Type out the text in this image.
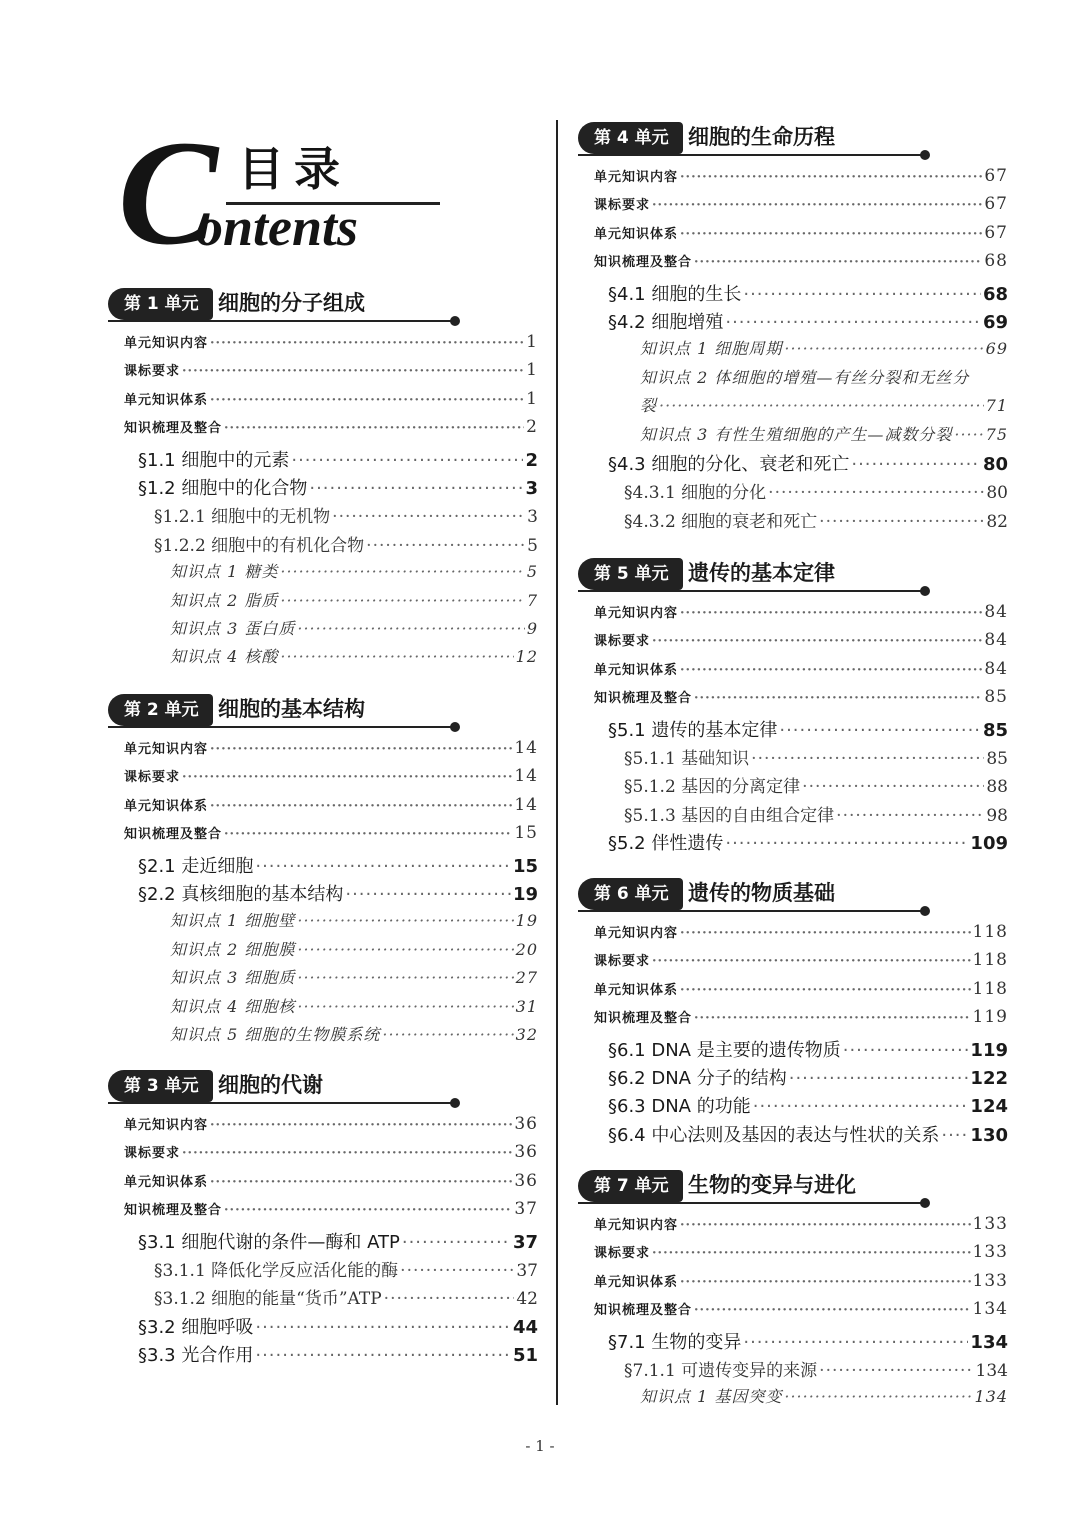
C 目录
ontents
第 1 单元 细胞的分子组成
单元知识内容 ·····	1
课标要求 ·····	1
单元知识体系 ·····	1
知识梳理及整合 ·····	2
§1.1 细胞中的元素 ·····	2
§1.2 细胞中的化合物 ·····	3
§1.2.1 细胞中的无机物 ·····	3
§1.2.2 细胞中的有机化合物 ·····	5
知识点 1 糖类 ·····	5
知识点 2 脂质 ·····	7
知识点 3 蛋白质 ·····	9
知识点 4 核酸 ·····	12
第 2 单元 细胞的基本结构
单元知识内容 ·····	14
课标要求 ·····	14
单元知识体系 ·····	14
知识梳理及整合 ·····	15
§2.1 走近细胞 ·····	15
§2.2 真核细胞的基本结构 ·····	19
知识点 1 细胞壁 ·····	19
知识点 2 细胞膜 ·····	20
知识点 3 细胞质 ·····	27
知识点 4 细胞核 ·····	31
知识点 5 细胞的生物膜系统 ·····	32
第 3 单元 细胞的代谢
单元知识内容 ·····	36
课标要求 ·····	36
单元知识体系 ·····	36
知识梳理及整合 ·····	37
§3.1 细胞代谢的条件—酶和 ATP ·····	37
§3.1.1 降低化学反应活化能的酶 ·····	37
§3.1.2 细胞的能量“货币”ATP ·····	42
§3.2 细胞呼吸 ·····	44
§3.3 光合作用 ·····	51
第 4 单元 细胞的生命历程
单元知识内容 ·····	67
课标要求 ·····	67
单元知识体系 ·····	67
知识梳理及整合 ·····	68
§4.1 细胞的生长 ·····	68
§4.2 细胞增殖 ·····	69
知识点 1 细胞周期 ·····	69
知识点 2 体细胞的增殖—有丝分裂和无丝分
裂 ·····	71
知识点 3 有性生殖细胞的产生—减数分裂 ····· 75
§4.3 细胞的分化、衰老和死亡 ·····	80
§4.3.1 细胞的分化 ·····	80
§4.3.2 细胞的衰老和死亡 ·····	82
第 5 单元 遗传的基本定律
单元知识内容 ·····	84
课标要求 ·····	84
单元知识体系 ·····	84
知识梳理及整合 ·····	85
§5.1 遗传的基本定律 ·····	85
§5.1.1 基础知识 ·····	85
§5.1.2 基因的分离定律 ·····	88
§5.1.3 基因的自由组合定律 ·····	98
§5.2 伴性遗传 ·····	109
第 6 单元 遗传的物质基础
单元知识内容 ·····	118
课标要求 ·····	118
单元知识体系 ·····	118
知识梳理及整合 ·····	119
§6.1 DNA 是主要的遗传物质 ·····	119
§6.2 DNA 分子的结构 ·····	122
§6.3 DNA 的功能 ·····	124
§6.4 中心法则及基因的表达与性状的关系 ····· 130
第 7 单元 生物的变异与进化
单元知识内容 ·····	133
课标要求 ·····	133
单元知识体系 ·····	133
知识梳理及整合 ·····	134
§7.1 生物的变异 ·····	134
§7.1.1 可遗传变异的来源 ·····	134
知识点 1 基因突变 ·····	134
- 1 -
